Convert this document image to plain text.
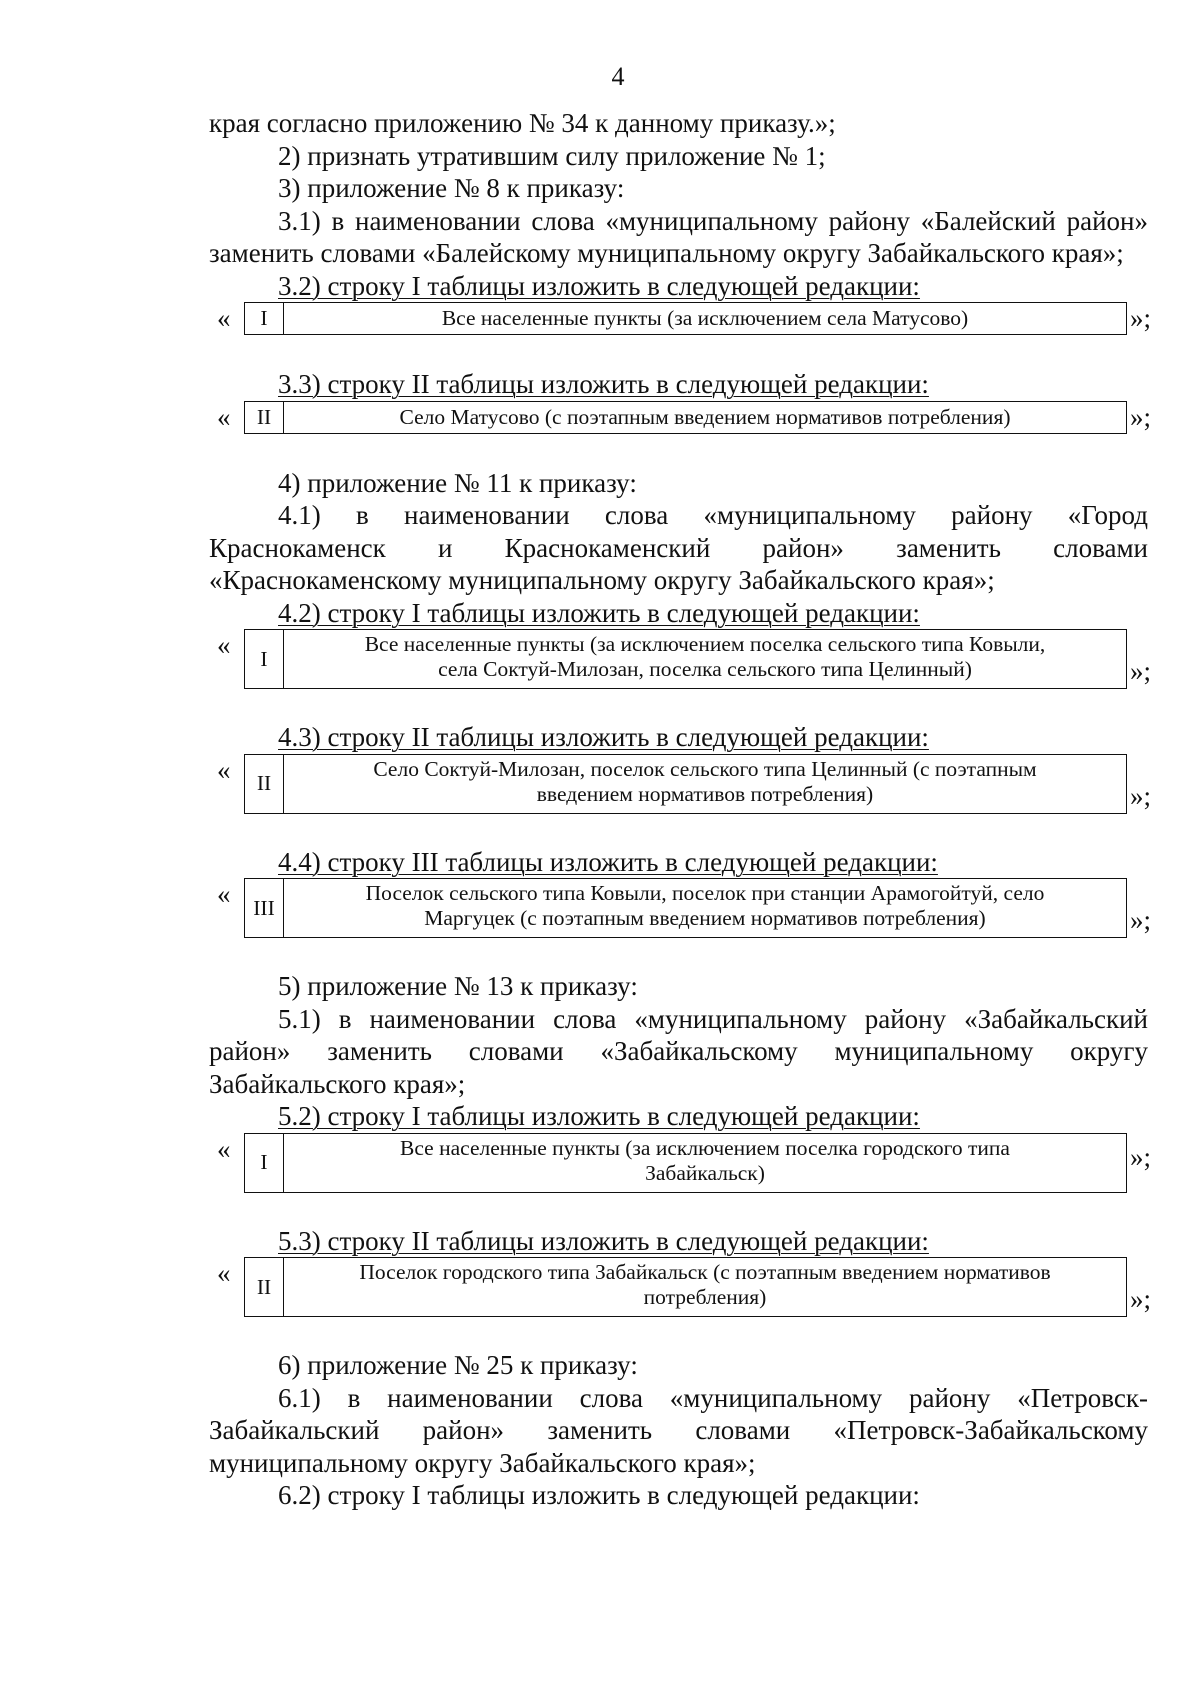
4

края согласно приложению № 34 к данному приказу.»;

2) признать утратившим силу приложение № 1;

3) приложение № 8 к приказу:

3.1) в наименовании слова «муниципальному району «Балейский район» заменить словами «Балейскому муниципальному округу Забайкальского края»;

3.2) строку I таблицы изложить в следующей редакции:

«	I	Все населенные пункты (за исключением села Матусово)	»;

3.3) строку II таблицы изложить в следующей редакции:

«	II	Село Матусово (с поэтапным введением нормативов потребления)	»;

4) приложение № 11 к приказу:

4.1) в наименовании слова «муниципальному району «Город Краснокаменск и Краснокаменский район» заменить словами «Краснокаменскому муниципальному округу Забайкальского края»;

4.2) строку I таблицы изложить в следующей редакции:

«	I
Все населенные пункты (за исключением поселка сельского типа Ковыли,
села Соктуй-Милозан, поселка сельского типа Целинный)	»;

4.3) строку II таблицы изложить в следующей редакции:

«	II
Село Соктуй-Милозан, поселок сельского типа Целинный (с поэтапным
введением нормативов потребления)	»;

4.4) строку III таблицы изложить в следующей редакции:

«	III
Поселок сельского типа Ковыли, поселок при станции Арамогойтуй, село
Маргуцек (с поэтапным введением нормативов потребления)	»;

5) приложение № 13 к приказу:

5.1) в наименовании слова «муниципальному району «Забайкальский район» заменить словами «Забайкальскому муниципальному округу Забайкальского края»;

5.2) строку I таблицы изложить в следующей редакции:

«	I
Все населенные пункты (за исключением поселка городского типа
Забайкальск)
»;

5.3) строку II таблицы изложить в следующей редакции:

«	II
Поселок городского типа Забайкальск (с поэтапным введением нормативов
потребления)	»;

6) приложение № 25 к приказу:

6.1) в наименовании слова «муниципальному району «Петровск-Забайкальский район» заменить словами «Петровск-Забайкальскому муниципальному округу Забайкальского края»;

6.2) строку I таблицы изложить в следующей редакции:
